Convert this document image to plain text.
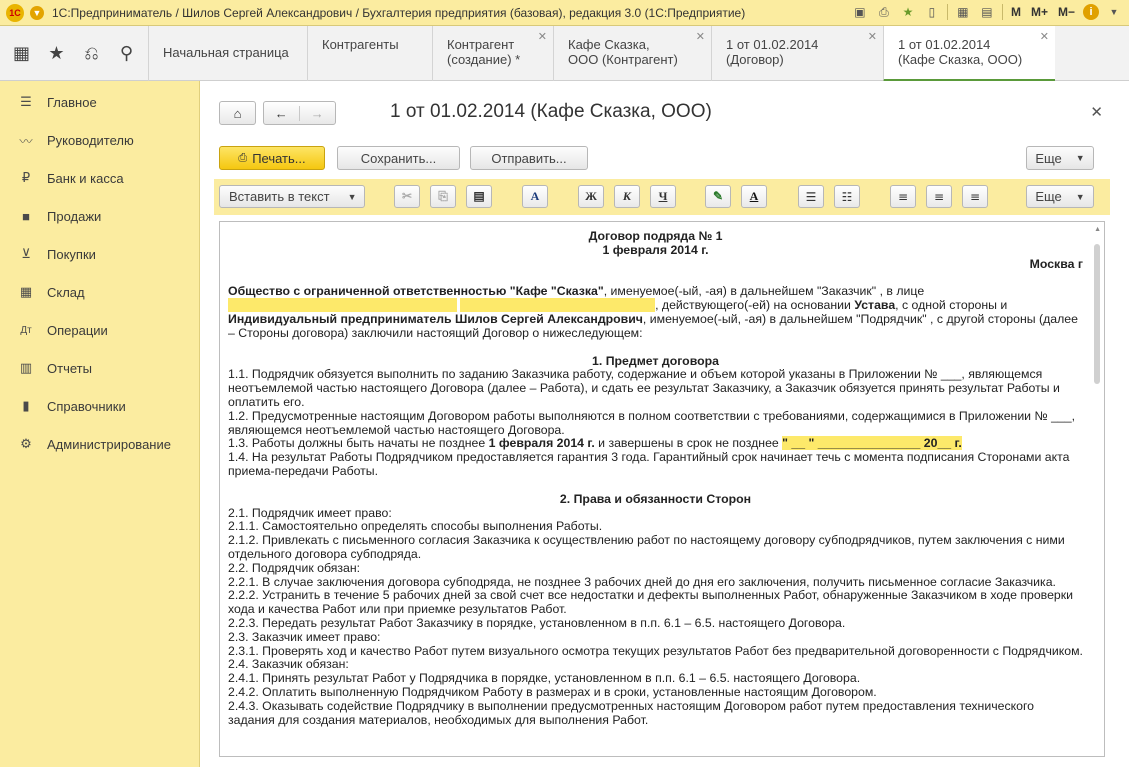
1С	▼ 1С:Предприниматель / Шилов Сергей Александрович / Бухгалтерия предприятия (базовая), редакция 3.0 (1С:Предприятие)	▣	⎙	★	▯	▦ ▤ M M+ M−	i	▼
▦ ★	⎌	⚲	Начальная страница
Контрагенты	Контрагент
(создание) *
✕ Кафе Сказка,
ООО (Контрагент)
✕ 1 от 01.02.2014
(Договор)
✕ 1 от 01.02.2014
(Кафе Сказка, ООО)
✕
☰	Главное
〰 Руководителю
₽	Банк и касса
■	Продажи
⊻	Покупки
▦ Склад
Дт	Операции
▥ Отчеты
▮	Справочники
⚙	Администрирование
⌂	←	→	1 от 01.02.2014 (Кафе Сказка, ООО)	✕
⎙ Печать...	Сохранить...	Отправить...	Еще ▼
Вставить в текст ▼	✂	⎘	▤	A	Ж	К	Ч	✎	A	☰	☷	≡	≡	≡	Еще ▼
▲
Договор подряда № 1
1 февраля 2014 г.
Москва г
Общество с ограниченной ответственностью "Кафе "Сказка", именуемое(-ый, -ая) в дальнейшем "Заказчик" , в лице
, действующего(-ей) на основании Устава, с одной стороны и
Индивидуальный предприниматель Шилов Сергей Александрович, именуемое(-ый, -ая) в дальнейшем "Подрядчик" , с другой стороны (далее – Стороны договора) заключили настоящий Договор о нижеследующем:
1. Предмет договора
1.1. Подрядчик обязуется выполнить по заданию Заказчика работу, содержание и объем которой указаны в Приложении № ___, являющемся неотъемлемой частью настоящего Договора (далее – Работа), и сдать ее результат Заказчику, а Заказчик обязуется принять результат Работы и оплатить его.
1.2. Предусмотренные настоящим Договором работы выполняются в полном соответствии с требованиями, содержащимися в Приложении № ___, являющемся неотъемлемой частью настоящего Договора.
1.3. Работы должны быть начаты не позднее 1 февраля 2014 г. и завершены в срок не позднее " __ " _______________ 20__ г.
1.4. На результат Работы Подрядчиком предоставляется гарантия 3 года. Гарантийный срок начинает течь с момента подписания Сторонами акта приема-передачи Работы.
2. Права и обязанности Сторон
2.1. Подрядчик имеет право:
2.1.1. Самостоятельно определять способы выполнения Работы.
2.1.2. Привлекать с письменного согласия Заказчика к осуществлению работ по настоящему договору субподрядчиков, путем заключения с ними отдельного договора субподряда.
2.2. Подрядчик обязан:
2.2.1. В случае заключения договора субподряда, не позднее 3 рабочих дней до дня его заключения, получить письменное согласие Заказчика.
2.2.2. Устранить в течение 5 рабочих дней за свой счет все недостатки и дефекты выполненных Работ, обнаруженные Заказчиком в ходе проверки хода и качества Работ или при приемке результатов Работ.
2.2.3. Передать результат Работ Заказчику в порядке, установленном в п.п. 6.1 – 6.5. настоящего Договора.
2.3. Заказчик имеет право:
2.3.1. Проверять ход и качество Работ путем визуального осмотра текущих результатов Работ без предварительной договоренности с Подрядчиком.
2.4. Заказчик обязан:
2.4.1. Принять результат Работ у Подрядчика в порядке, установленном в п.п. 6.1 – 6.5. настоящего Договора.
2.4.2. Оплатить выполненную Подрядчиком Работу в размерах и в сроки, установленные настоящим Договором.
2.4.3. Оказывать содействие Подрядчику в выполнении предусмотренных настоящим Договором работ путем предоставления технического задания для создания материалов, необходимых для выполнения Работ.
